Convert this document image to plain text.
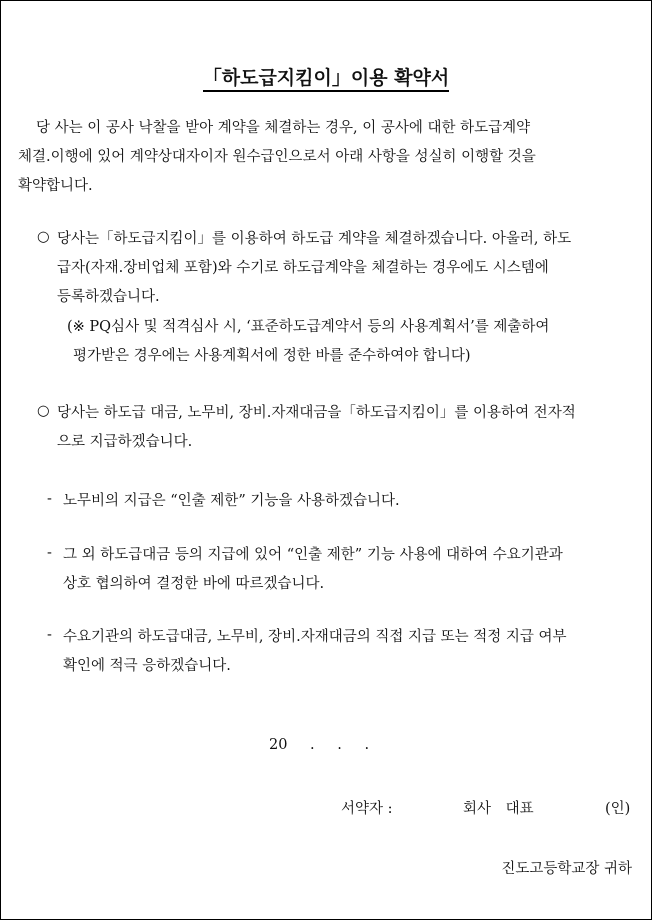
「하도급지킴이」이용 확약서
당 사는 이 공사 낙찰을 받아 계약을 체결하는 경우, 이 공사에 대한 하도급계약
체결.이행에 있어 계약상대자이자 원수급인으로서 아래 사항을 성실히 이행할 것을
확약합니다.
○ 당사는「하도급지킴이」를 이용하여 하도급 계약을 체결하겠습니다. 아울러, 하도
급자(자재.장비업체 포함)와 수기로 하도급계약을 체결하는 경우에도 시스템에
등록하겠습니다.
(※ PQ심사 및 적격심사 시, ‘표준하도급계약서 등의 사용계획서’를 제출하여
평가받은 경우에는 사용계획서에 정한 바를 준수하여야 합니다)
○ 당사는 하도급 대금, 노무비, 장비.자재대금을「하도급지킴이」를 이용하여 전자적
으로 지급하겠습니다.
- 노무비의 지급은 “인출 제한” 기능을 사용하겠습니다.
- 그 외 하도급대금 등의 지급에 있어 “인출 제한” 기능 사용에 대하여 수요기관과
상호 협의하여 결정한 바에 따르겠습니다.
- 수요기관의 하도급대금, 노무비, 장비.자재대금의 직접 지급 또는 적정 지급 여부
확인에 적극 응하겠습니다.
20 . . .
서약자 :	회사 대표	(인)
진도고등학교장 귀하
